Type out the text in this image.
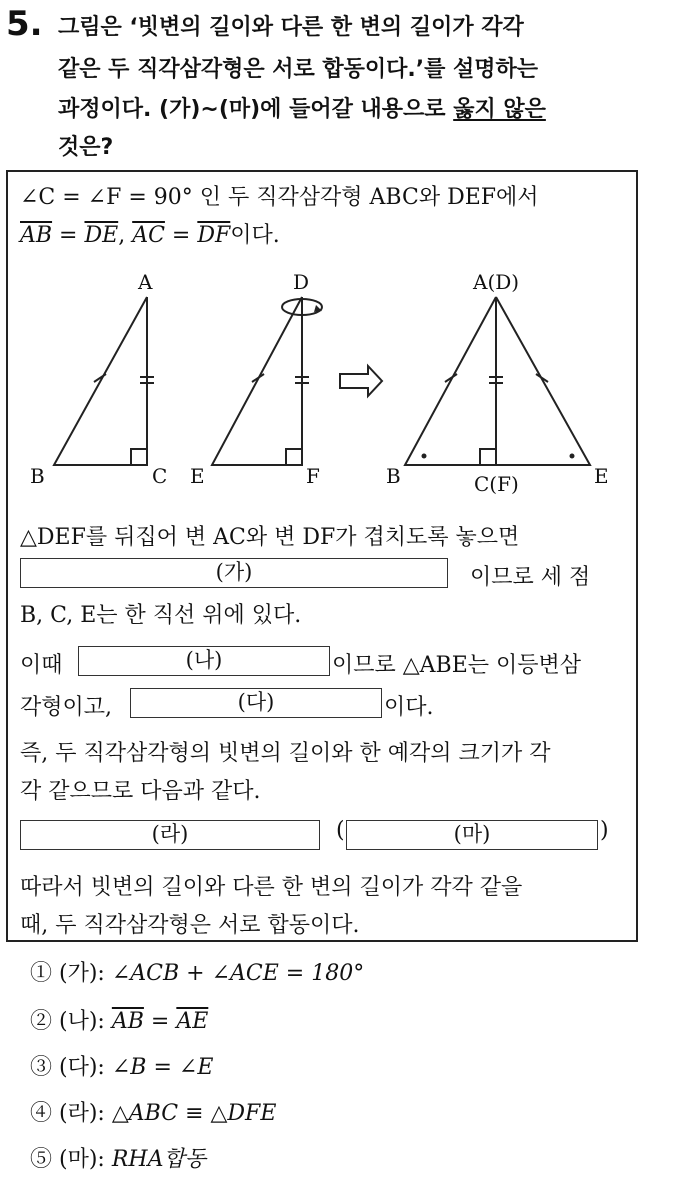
5. 그림은 ‘빗변의 길이와 다른 한 변의 길이가 각각
같은 두 직각삼각형은 서로 합동이다.’를 설명하는
과정이다. (가)~(마)에 들어갈 내용으로 옳지 않은
것은?
∠C = ∠F = 90° 인 두 직각삼각형 ABC와 DEF에서
$\overline{AB} = \overline{DE}$, $\overline{AC} = \overline{DF}$이다.
A
B	C
D
E	F
A(D)
B	E
C(F)
△DEF를 뒤집어 변 AC와 변 DF가 겹치도록 놓으면
(가)	이므로 세 점
B, C, E는 한 직선 위에 있다.
이때	(나)	이므로 △ABE는 이등변삼
각형이고,	(다)	이다.
즉, 두 직각삼각형의 빗변의 길이와 한 예각의 크기가 각
각 같으므로 다음과 같다.
(라)	(	(마)	)
따라서 빗변의 길이와 다른 한 변의 길이가 각각 같을
때, 두 직각삼각형은 서로 합동이다.
① (가): ∠ACB + ∠ACE = 180°
② (나): $\overline{AB} = \overline{AE}$
③ (다): ∠B = ∠E
④ (라): △ABC ≡ △DFE
⑤ (마): RHA합동
